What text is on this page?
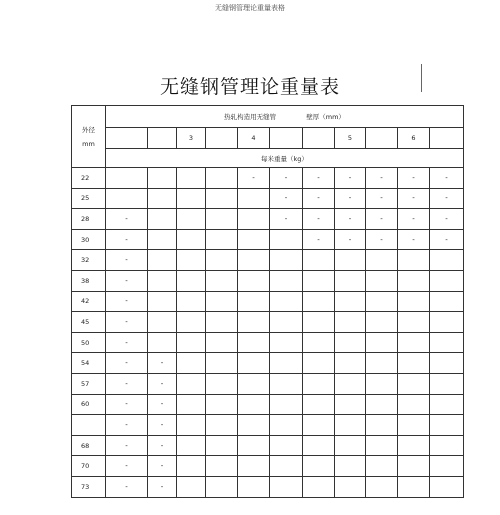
无缝钢管理论重量表格
无缝钢管理论重量表
外径
mm	热轧构造用无缝管 壁厚（mm）										
			3		4			5		6	
	每米重量（kg）										
22					-	-	-	-	-	-	-
25						-	-	-	-	-	-
28	-					-	-	-	-	-	-
30	-						-	-	-	-	-
32	-										
38	-										
42	-										
45	-										
50	-										
54	-	-									
57	-	-									
60	-	-									
	-	-									
68	-	-									
70	-	-									
73	-	-									
